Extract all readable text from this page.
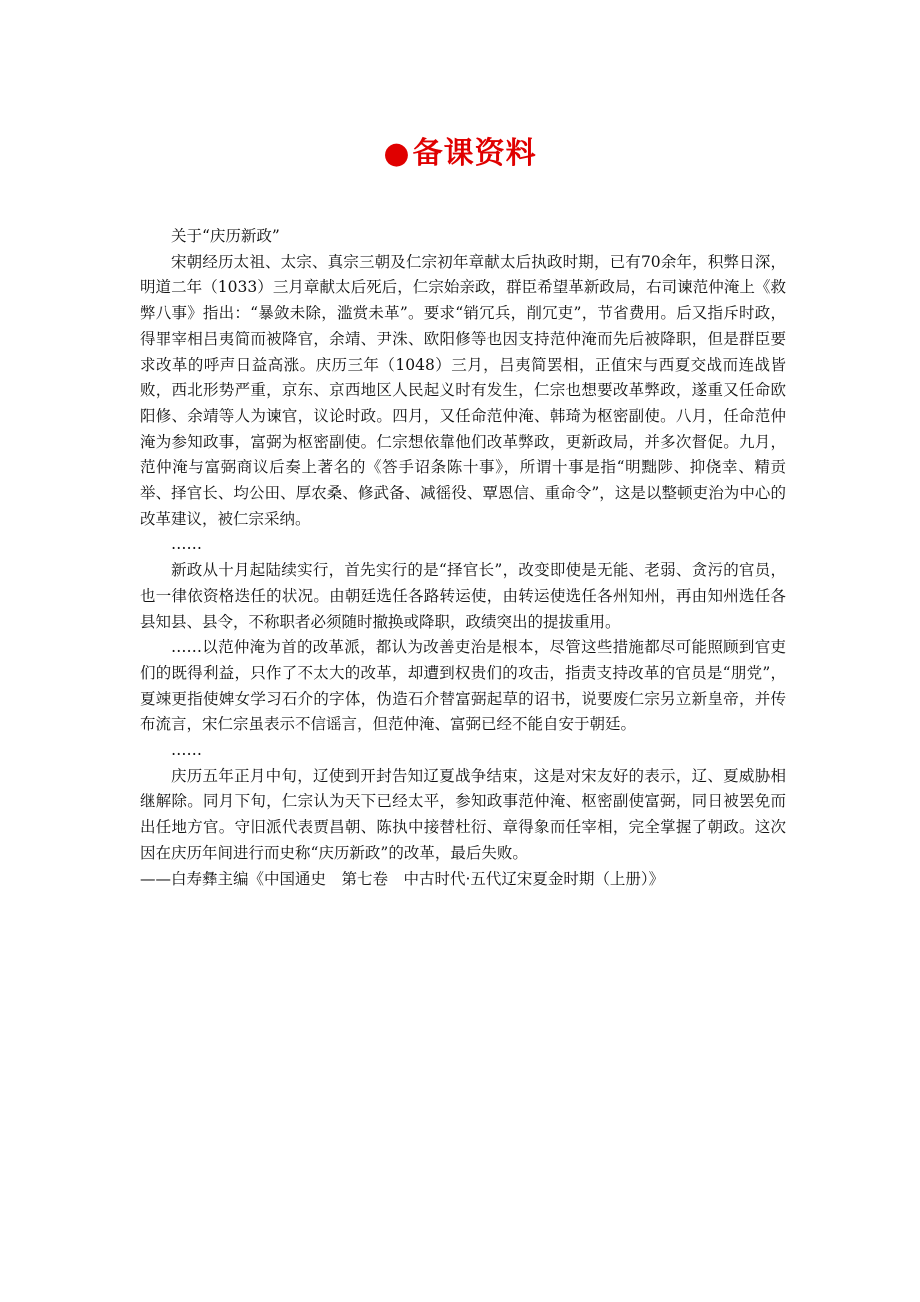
●备课资料

关于“庆历新政”

宋朝经历太祖、太宗、真宗三朝及仁宗初年章献太后执政时期，已有70余年，积弊日深，明道二年（1033）三月章献太后死后，仁宗始亲政，群臣希望革新政局，右司谏范仲淹上《救弊八事》指出：“暴敛未除，滥赏未革”。要求“销冗兵，削冗吏”，节省费用。后又指斥时政，得罪宰相吕夷简而被降官，余靖、尹洙、欧阳修等也因支持范仲淹而先后被降职，但是群臣要求改革的呼声日益高涨。庆历三年（1048）三月，吕夷简罢相，正值宋与西夏交战而连战皆败，西北形势严重，京东、京西地区人民起义时有发生，仁宗也想要改革弊政，遂重又任命欧阳修、余靖等人为谏官，议论时政。四月，又任命范仲淹、韩琦为枢密副使。八月，任命范仲淹为参知政事，富弼为枢密副使。仁宗想依靠他们改革弊政，更新政局，并多次督促。九月，范仲淹与富弼商议后奏上著名的《答手诏条陈十事》，所谓十事是指“明黜陟、抑侥幸、精贡举、择官长、均公田、厚农桑、修武备、减徭役、覃恩信、重命令”，这是以整顿吏治为中心的改革建议，被仁宗采纳。

……

新政从十月起陆续实行，首先实行的是“择官长”，改变即使是无能、老弱、贪污的官员，也一律依资格迭任的状况。由朝廷选任各路转运使，由转运使选任各州知州，再由知州选任各县知县、县令，不称职者必须随时撤换或降职，政绩突出的提拔重用。

……以范仲淹为首的改革派，都认为改善吏治是根本，尽管这些措施都尽可能照顾到官吏们的既得利益，只作了不太大的改革，却遭到权贵们的攻击，指责支持改革的官员是“朋党”，夏竦更指使婢女学习石介的字体，伪造石介替富弼起草的诏书，说要废仁宗另立新皇帝，并传布流言，宋仁宗虽表示不信谣言，但范仲淹、富弼已经不能自安于朝廷。

……

庆历五年正月中旬，辽使到开封告知辽夏战争结束，这是对宋友好的表示，辽、夏威胁相继解除。同月下旬，仁宗认为天下已经太平，参知政事范仲淹、枢密副使富弼，同日被罢免而出任地方官。守旧派代表贾昌朝、陈执中接替杜衍、章得象而任宰相，完全掌握了朝政。这次因在庆历年间进行而史称“庆历新政”的改革，最后失败。

——白寿彝主编《中国通史　第七卷　中古时代·五代辽宋夏金时期（上册）》
